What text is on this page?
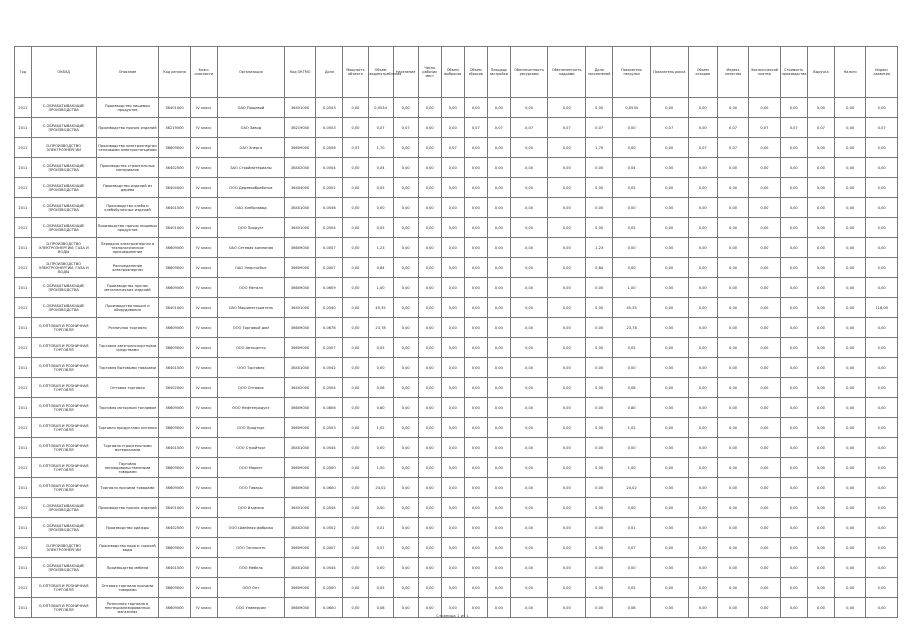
Год	ОКВЭД	Описание	Код региона	Класс опасности	Организация	Код ОКТМО	Доля	Мощность объекта	Объем водопотребления	Население	Число рабочих мест	Объем выбросов	Объем сбросов	Площадь застройки	Обеспеченность ресурсами	Обеспеченность кадрами	Доля загрязнений	Показатель нагрузки	Показатель риска	Объем отходов	Индекс качества	Экологический платеж	Стоимость производства	Выручка	Налоги	Индекс развития
2011	С.ОБРАБАТЫВАЮЩИЕ ПРОИЗВОДСТВА	Производство пищевых продуктов	36401000	IV класс	ОАО Пищевой	36401000	0,0543	0,00	0,0534	0,00	0,00	0,00	0,00	0,00	0,00	0,00	0,00	0,0534	0,00	0,00	0,00	0,00	0,00	0,00	0,00	0,00
2011	С.ОБРАБАТЫВАЮЩИЕ ПРОИЗВОДСТВА	Производство прочих изделий	36219000	IV класс	ОАО Завод	36219000	0,0503	0,00	0,07	0,07	0,00	0,00	0,07	0,07	0,07	0,07	0,07	0,00	0,07	0,00	0,07	0,07	0,07	0,07	0,00	0,07
2011	D.ПРОИЗВОДСТВО ЭЛЕКТРОЭНЕРГИИ	Производство электроэнергии тепловыми электростанциями	36609000	IV класс	ОАО Энерго	36609000	0,0506	0,07	1,70	0,00	0,00	0,07	0,00	0,00	0,00	0,00	1,70	0,00	0,00	0,07	0,07	0,00	0,00	0,00	0,00	0,00
2011	С.ОБРАБАТЫВАЮЩИЕ ПРОИЗВОДСТВА	Производство строительных материалов	36402000	IV класс	ЗАО Стройматериалы	36402000	0,0504	0,00	0,04	0,00	0,00	0,00	0,00	0,00	0,00	0,00	0,00	0,04	0,00	0,00	0,00	0,00	0,00	0,00	0,00	0,00
2011	С.ОБРАБАТЫВАЮЩИЕ ПРОИЗВОДСТВА	Производство изделий из дерева	36404000	IV класс	ООО Деревообработка	36404000	0,0502	0,00	0,05	0,00	0,00	0,00	0,00	0,00	0,00	0,00	0,00	0,05	0,00	0,00	0,00	0,00	0,00	0,00	0,00	0,00
2011	С.ОБРАБАТЫВАЮЩИЕ ПРОИЗВОДСТВА	Производство хлеба и хлебобулочных изделий	36401000	IV класс	ОАО Хлебозавод	36401000	0,0546	0,00	0,00	0,00	0,00	0,00	0,00	0,00	0,00	0,00	0,00	0,00	0,00	0,00	0,00	0,00	0,00	0,00	0,00	0,00
2011	С.ОБРАБАТЫВАЮЩИЕ ПРОИЗВОДСТВА	Производство прочих пищевых продуктов	36401000	IV класс	ООО Продукт	36401000	0,0504	0,00	0,05	0,00	0,00	0,00	0,00	0,00	0,00	0,00	0,00	0,05	0,00	0,00	0,00	0,00	0,00	0,00	0,00	0,00
2011	D.ПРОИЗВОДСТВО ЭЛЕКТРОЭНЕРГИИ, ГАЗА И ВОДЫ	Передача электроэнергии и технологическое присоединение	36609000	IV класс	ОАО Сетевая компания	36609000	0,0007	0,00	1,23	0,00	0,00	0,00	0,00	0,00	0,00	0,00	1,23	0,00	0,00	0,00	0,00	0,00	0,00	0,00	0,00	0,00
2011	D.ПРОИЗВОДСТВО ЭЛЕКТРОЭНЕРГИИ, ГАЗА И ВОДЫ	Распределение электроэнергии	36609000	IV класс	ОАО Энергосбыт	36609000	0,0007	0,00	0,84	0,00	0,00	0,00	0,00	0,00	0,00	0,00	0,84	0,00	0,00	0,00	0,00	0,00	0,00	0,00	0,00	0,00
2011	С.ОБРАБАТЫВАЮЩИЕ ПРОИЗВОДСТВА	Производство прочих металлических изделий	36609000	IV класс	ООО Металл	36609000	0,0609	0,00	1,00	0,00	0,00	0,00	0,00	0,00	0,00	0,00	0,00	1,00	0,00	0,00	0,00	0,00	0,00	0,00	0,00	0,00
2011	С.ОБРАБАТЫВАЮЩИЕ ПРОИЗВОДСТВА	Производство машин и оборудования	36401000	IV класс	ОАО Машиностроитель	36401000	0,0540	0,00	45,35	0,00	0,00	0,00	0,00	0,00	0,00	0,00	0,00	45,35	0,00	0,00	0,00	0,00	0,00	0,00	0,00	116,00
2011	G.ОПТОВАЯ И РОЗНИЧНАЯ ТОРГОВЛЯ	Розничная торговля	36609000	IV класс	ООО Торговый дом	36609000	0,0678	0,00	23,78	0,00	0,00	0,00	0,00	0,00	0,00	0,00	0,00	23,78	0,00	0,00	0,00	0,00	0,00	0,00	0,00	0,00
2011	G.ОПТОВАЯ И РОЗНИЧНАЯ ТОРГОВЛЯ	Торговля автотранспортными средствами	36609000	IV класс	ООО Автоцентр	36609000	0,0507	0,00	0,05	0,00	0,00	0,00	0,00	0,00	0,00	0,00	0,00	0,05	0,00	0,00	0,00	0,00	0,00	0,00	0,00	0,00
2011	G.ОПТОВАЯ И РОЗНИЧНАЯ ТОРГОВЛЯ	Торговля бытовыми товарами	36401000	IV класс	ООО Торговля	36401000	0,0542	0,00	0,00	0,00	0,00	0,00	0,00	0,00	0,00	0,00	0,00	0,00	0,00	0,00	0,00	0,00	0,00	0,00	0,00	0,00
2011	G.ОПТОВАЯ И РОЗНИЧНАЯ ТОРГОВЛЯ	Оптовая торговля	36402000	IV класс	ООО Оптовик	36402000	0,0504	0,00	0,08	0,00	0,00	0,00	0,00	0,00	0,00	0,00	0,00	0,08	0,00	0,00	0,00	0,00	0,00	0,00	0,00	0,00
2011	G.ОПТОВАЯ И РОЗНИЧНАЯ ТОРГОВЛЯ	Торговля моторным топливом	36609000	IV класс	ООО Нефтепродукт	36609000	0,0806	0,00	0,80	0,00	0,00	0,00	0,00	0,00	0,00	0,00	0,00	0,80	0,00	0,00	0,00	0,00	0,00	0,00	0,00	0,00
2011	G.ОПТОВАЯ И РОЗНИЧНАЯ ТОРГОВЛЯ	Торговля продуктами питания	36609000	IV класс	ООО Продторг	36609000	0,0503	0,00	1,02	0,00	0,00	0,00	0,00	0,00	0,00	0,00	0,00	1,02	0,00	0,00	0,00	0,00	0,00	0,00	0,00	0,00
2011	G.ОПТОВАЯ И РОЗНИЧНАЯ ТОРГОВЛЯ	Торговля строительными материалами	36401000	IV класс	ООО Стройторг	36401000	0,0544	0,00	0,00	0,00	0,00	0,00	0,00	0,00	0,00	0,00	0,00	0,00	0,00	0,00	0,00	0,00	0,00	0,00	0,00	0,00
2011	G.ОПТОВАЯ И РОЗНИЧНАЯ ТОРГОВЛЯ	Торговля непродовольственными товарами	36609000	IV класс	ООО Маркет	36609000	0,0500	0,00	1,00	0,00	0,00	0,00	0,00	0,00	0,00	0,00	0,00	1,00	0,00	0,00	0,00	0,00	0,00	0,00	0,00	0,00
2011	G.ОПТОВАЯ И РОЗНИЧНАЯ ТОРГОВЛЯ	Торговля прочими товарами	36609000	IV класс	ООО Товары	36609000	0,0600	0,00	24,02	0,00	0,00	0,00	0,00	0,00	0,00	0,00	0,00	24,02	0,00	0,00	0,00	0,00	0,00	0,00	0,00	0,00
2011	С.ОБРАБАТЫВАЮЩИЕ ПРОИЗВОДСТВА	Производство прочих изделий	36401000	IV класс	ООО Изделия	36401000	0,0544	0,00	0,00	0,00	0,00	0,00	0,00	0,00	0,00	0,00	0,00	0,00	0,00	0,00	0,00	0,00	0,00	0,00	0,00	0,00
2011	С.ОБРАБАТЫВАЮЩИЕ ПРОИЗВОДСТВА	Производство одежды	36402000	IV класс	ООО Швейная фабрика	36402000	0,0502	0,00	0,01	0,00	0,00	0,00	0,00	0,00	0,00	0,00	0,00	0,01	0,00	0,00	0,00	0,00	0,00	0,00	0,00	0,00
2011	D.ПРОИЗВОДСТВО ЭЛЕКТРОЭНЕРГИИ	Производство пара и горячей воды	36609000	IV класс	ООО Теплосеть	36609000	0,0007	0,00	0,07	0,00	0,00	0,00	0,00	0,00	0,00	0,00	0,00	0,07	0,00	0,00	0,00	0,00	0,00	0,00	0,00	0,00
2011	С.ОБРАБАТЫВАЮЩИЕ ПРОИЗВОДСТВА	Производство мебели	36401000	IV класс	ООО Мебель	36401000	0,0544	0,00	0,00	0,00	0,00	0,00	0,00	0,00	0,00	0,00	0,00	0,00	0,00	0,00	0,00	0,00	0,00	0,00	0,00	0,00
2011	G.ОПТОВАЯ И РОЗНИЧНАЯ ТОРГОВЛЯ	Оптовая торговля прочими товарами	36609000	IV класс	ООО Опт	36609000	0,0500	0,00	0,05	0,00	0,00	0,00	0,00	0,00	0,00	0,00	0,00	0,05	0,00	0,00	0,00	0,00	0,00	0,00	0,00	0,00
2011	G.ОПТОВАЯ И РОЗНИЧНАЯ ТОРГОВЛЯ	Розничная торговля в неспециализированных магазинах	36609000	IV класс	ООО Универсам	36609000	0,0600	0,00	0,08	0,00	0,00	0,00	0,00	0,00	0,00	0,00	0,00	0,08	0,00	0,00	0,00	0,00	0,00	0,00	0,00	0,00
Страница 1 из 1
